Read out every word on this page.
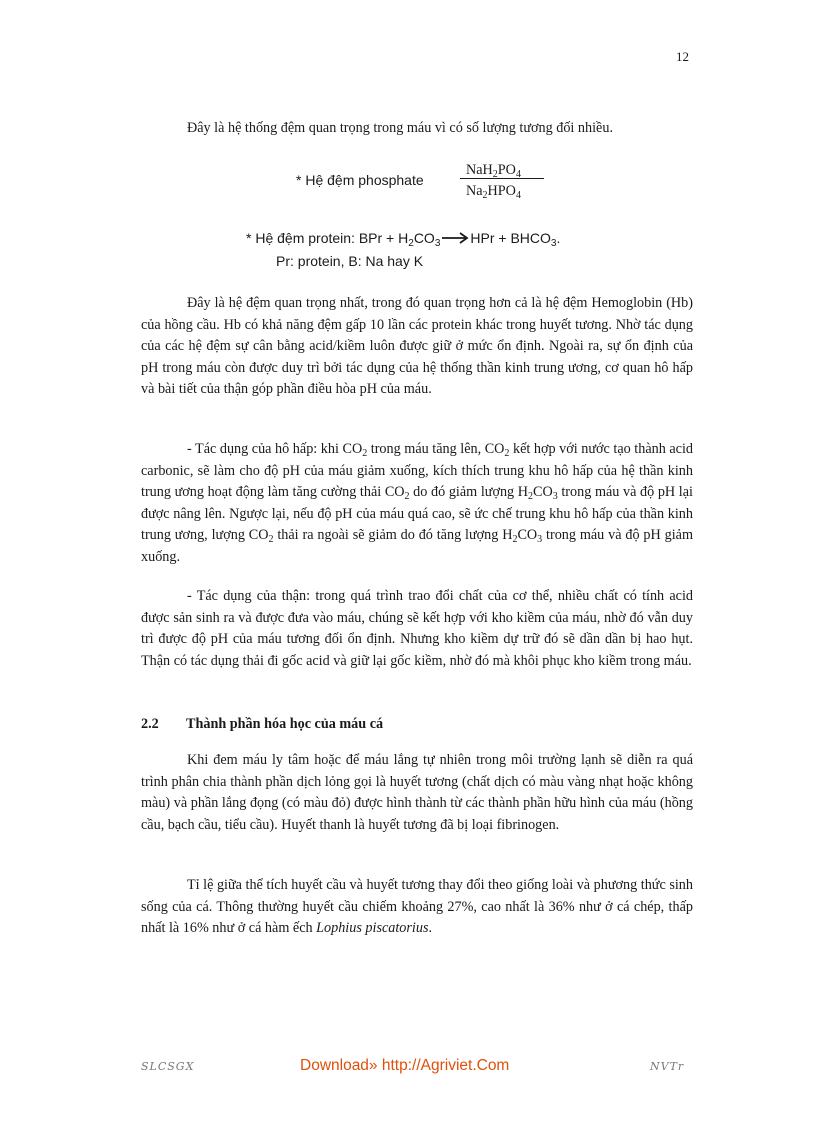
12
Đây là hệ thống đệm quan trọng trong máu vì có số lượng tương đối nhiều.
* Hệ đệm phosphate
$NaH_2PO_4$
$Na_2HPO_4$
* Hệ đệm protein: BPr + $H_2CO_3\to HPr$ + $BHCO_3$.
Pr: protein, B: Na hay K
Đây là hệ đệm quan trọng nhất, trong đó quan trọng hơn cả là hệ đệm Hemoglobin (Hb) của hồng cầu. Hb có khả năng đệm gấp 10 lần các protein khác trong huyết tương. Nhờ tác dụng của các hệ đệm sự cân bằng acid/kiềm luôn được giữ ở mức ổn định. Ngoài ra, sự ổn định của pH trong máu còn được duy trì bởi tác dụng của hệ thống thần kinh trung ương, cơ quan hô hấp và bài tiết của thận góp phần điều hòa pH của máu.
- Tác dụng của hô hấp: khi $CO_2$ trong máu tăng lên, $CO_2$ kết hợp với nước tạo thành acid carbonic, sẽ làm cho độ pH của máu giảm xuống, kích thích trung khu hô hấp của hệ thần kinh trung ương hoạt động làm tăng cường thải $CO_2$ do đó giảm lượng $H_2CO_3$ trong máu và độ pH lại được nâng lên. Ngược lại, nếu độ pH của máu quá cao, sẽ ức chế trung khu hô hấp của thần kinh trung ương, lượng $CO_2$ thải ra ngoài sẽ giảm do đó tăng lượng $H_2CO_3$ trong máu và độ pH giảm xuống.
- Tác dụng của thận: trong quá trình trao đổi chất của cơ thể, nhiều chất có tính acid được sản sinh ra và được đưa vào máu, chúng sẽ kết hợp với kho kiềm của máu, nhờ đó vẫn duy trì được độ pH của máu tương đối ổn định. Nhưng kho kiềm dự trữ đó sẽ dần dần bị hao hụt. Thận có tác dụng thải đi gốc acid và giữ lại gốc kiềm, nhờ đó mà khôi phục kho kiềm trong máu.
2.2 Thành phần hóa học của máu cá
Khi đem máu ly tâm hoặc để máu lắng tự nhiên trong môi trường lạnh sẽ diễn ra quá trình phân chia thành phần dịch lỏng gọi là huyết tương (chất dịch có màu vàng nhạt hoặc không màu) và phần lắng đọng (có màu đỏ) được hình thành từ các thành phần hữu hình của máu (hồng cầu, bạch cầu, tiểu cầu). Huyết thanh là huyết tương đã bị loại fibrinogen.
Tỉ lệ giữa thể tích huyết cầu và huyết tương thay đổi theo giống loài và phương thức sinh sống của cá. Thông thường huyết cầu chiếm khoảng 27%, cao nhất là 36% như ở cá chép, thấp nhất là 16% như ở cá hàm ếch Lophius piscatorius.
SLCSGX	Download» http://Agriviet.Com	NVTr
